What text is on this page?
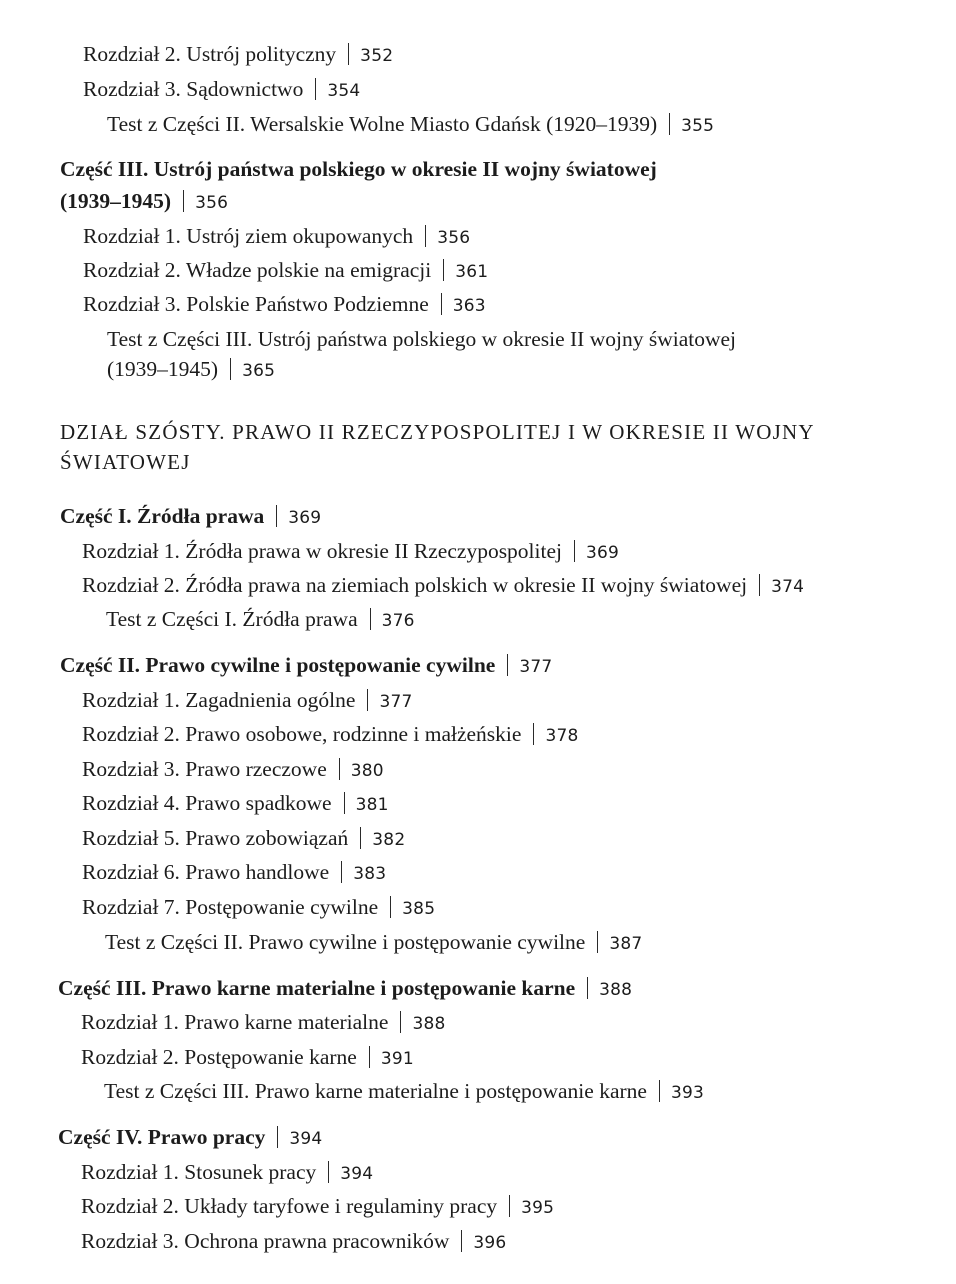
Rozdział 2. Ustrój polityczny 352
Rozdział 3. Sądownictwo 354
Test z Części II. Wersalskie Wolne Miasto Gdańsk (1920–1939) 355
Część III. Ustrój państwa polskiego w okresie II wojny światowej
(1939–1945) 356
Rozdział 1. Ustrój ziem okupowanych 356
Rozdział 2. Władze polskie na emigracji 361
Rozdział 3. Polskie Państwo Podziemne 363
Test z Części III. Ustrój państwa polskiego w okresie II wojny światowej
(1939–1945) 365
DZIAŁ SZÓSTY. PRAWO II RZECZYPOSPOLITEJ I W OKRESIE II WOJNY
ŚWIATOWEJ
Część I. Źródła prawa 369
Rozdział 1. Źródła prawa w okresie II Rzeczypospolitej 369
Rozdział 2. Źródła prawa na ziemiach polskich w okresie II wojny światowej 374
Test z Części I. Źródła prawa 376
Część II. Prawo cywilne i postępowanie cywilne 377
Rozdział 1. Zagadnienia ogólne 377
Rozdział 2. Prawo osobowe, rodzinne i małżeńskie 378
Rozdział 3. Prawo rzeczowe 380
Rozdział 4. Prawo spadkowe 381
Rozdział 5. Prawo zobowiązań 382
Rozdział 6. Prawo handlowe 383
Rozdział 7. Postępowanie cywilne 385
Test z Części II. Prawo cywilne i postępowanie cywilne 387
Część III. Prawo karne materialne i postępowanie karne 388
Rozdział 1. Prawo karne materialne 388
Rozdział 2. Postępowanie karne 391
Test z Części III. Prawo karne materialne i postępowanie karne 393
Część IV. Prawo pracy 394
Rozdział 1. Stosunek pracy 394
Rozdział 2. Układy taryfowe i regulaminy pracy 395
Rozdział 3. Ochrona prawna pracowników 396
